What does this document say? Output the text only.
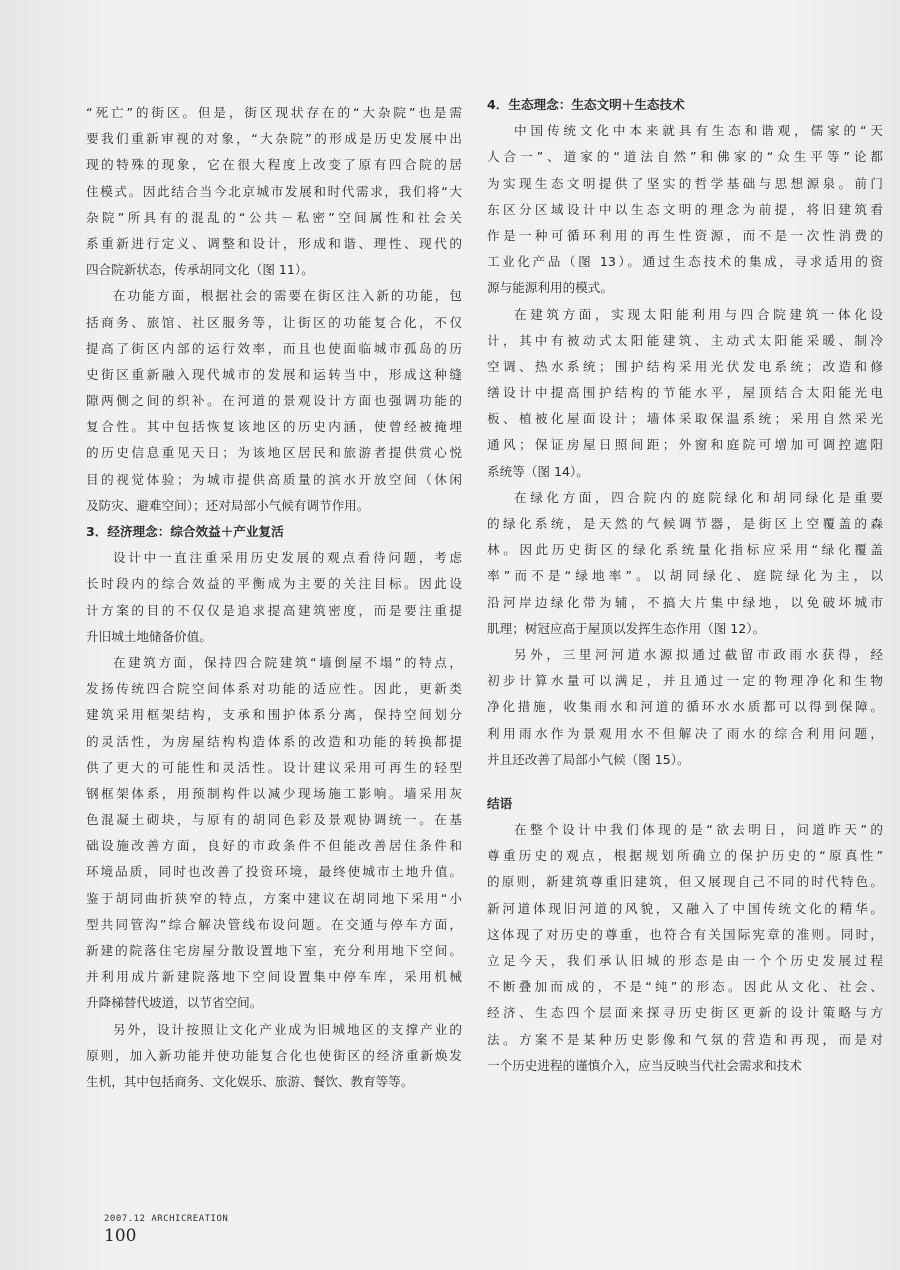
“死亡”的街区。但是，街区现状存在的“大杂院”也是需
要我们重新审视的对象，“大杂院”的形成是历史发展中出
现的特殊的现象，它在很大程度上改变了原有四合院的居
住模式。因此结合当今北京城市发展和时代需求，我们将“大
杂院”所具有的混乱的“公共－私密”空间属性和社会关
系重新进行定义、调整和设计，形成和谐、理性、现代的
四合院新状态，传承胡同文化（图 11）。
在功能方面，根据社会的需要在街区注入新的功能，包
括商务、旅馆、社区服务等，让街区的功能复合化，不仅
提高了街区内部的运行效率，而且也使面临城市孤岛的历
史街区重新融入现代城市的发展和运转当中，形成这种缝
隙两侧之间的织补。在河道的景观设计方面也强调功能的
复合性。其中包括恢复该地区的历史内涵，使曾经被掩埋
的历史信息重见天日；为该地区居民和旅游者提供赏心悦
目的视觉体验；为城市提供高质量的滨水开放空间（休闲
及防灾、避难空间）；还对局部小气候有调节作用。
3．经济理念：综合效益＋产业复活
设计中一直注重采用历史发展的观点看待问题，考虑
长时段内的综合效益的平衡成为主要的关注目标。因此设
计方案的目的不仅仅是追求提高建筑密度，而是要注重提
升旧城土地储备价值。
在建筑方面，保持四合院建筑“墙倒屋不塌”的特点，
发扬传统四合院空间体系对功能的适应性。因此，更新类
建筑采用框架结构，支承和围护体系分离，保持空间划分
的灵活性，为房屋结构构造体系的改造和功能的转换都提
供了更大的可能性和灵活性。设计建议采用可再生的轻型
钢框架体系，用预制构件以减少现场施工影响。墙采用灰
色混凝土砌块，与原有的胡同色彩及景观协调统一。在基
础设施改善方面，良好的市政条件不但能改善居住条件和
环境品质，同时也改善了投资环境，最终使城市土地升值。
鉴于胡同曲折狭窄的特点，方案中建议在胡同地下采用“小
型共同管沟”综合解决管线布设问题。在交通与停车方面，
新建的院落住宅房屋分散设置地下室，充分利用地下空间。
并利用成片新建院落地下空间设置集中停车库，采用机械
升降梯替代坡道，以节省空间。
另外，设计按照让文化产业成为旧城地区的支撑产业的
原则，加入新功能并使功能复合化也使街区的经济重新焕发
生机，其中包括商务、文化娱乐、旅游、餐饮、教育等等。
4．生态理念：生态文明＋生态技术
中国传统文化中本来就具有生态和谐观，儒家的“天
人合一”、道家的“道法自然”和佛家的“众生平等”论都
为实现生态文明提供了坚实的哲学基础与思想源泉。前门
东区分区域设计中以生态文明的理念为前提，将旧建筑看
作是一种可循环利用的再生性资源，而不是一次性消费的
工业化产品（图 13）。通过生态技术的集成，寻求适用的资
源与能源利用的模式。
在建筑方面，实现太阳能利用与四合院建筑一体化设
计，其中有被动式太阳能建筑、主动式太阳能采暖、制冷
空调、热水系统；围护结构采用光伏发电系统；改造和修
缮设计中提高围护结构的节能水平，屋顶结合太阳能光电
板、植被化屋面设计；墙体采取保温系统；采用自然采光
通风；保证房屋日照间距；外窗和庭院可增加可调控遮阳
系统等（图 14）。
在绿化方面，四合院内的庭院绿化和胡同绿化是重要
的绿化系统，是天然的气候调节器，是街区上空覆盖的森
林。因此历史街区的绿化系统量化指标应采用“绿化覆盖
率”而不是“绿地率”。以胡同绿化、庭院绿化为主，以
沿河岸边绿化带为辅，不搞大片集中绿地，以免破坏城市
肌理；树冠应高于屋顶以发挥生态作用（图 12）。
另外，三里河河道水源拟通过截留市政雨水获得，经
初步计算水量可以满足，并且通过一定的物理净化和生物
净化措施，收集雨水和河道的循环水水质都可以得到保障。
利用雨水作为景观用水不但解决了雨水的综合利用问题，
并且还改善了局部小气候（图 15）。
结语
在整个设计中我们体现的是“欲去明日，问道昨天”的
尊重历史的观点，根据规划所确立的保护历史的“原真性”
的原则，新建筑尊重旧建筑，但又展现自己不同的时代特色。
新河道体现旧河道的风貌，又融入了中国传统文化的精华。
这体现了对历史的尊重，也符合有关国际宪章的准则。同时，
立足今天，我们承认旧城的形态是由一个个历史发展过程
不断叠加而成的，不是“纯”的形态。因此从文化、社会、
经济、生态四个层面来探寻历史街区更新的设计策略与方
法。方案不是某种历史影像和气氛的营造和再现，而是对
一个历史进程的谨慎介入，应当反映当代社会需求和技术
2007.12 ARCHICREATION
100
